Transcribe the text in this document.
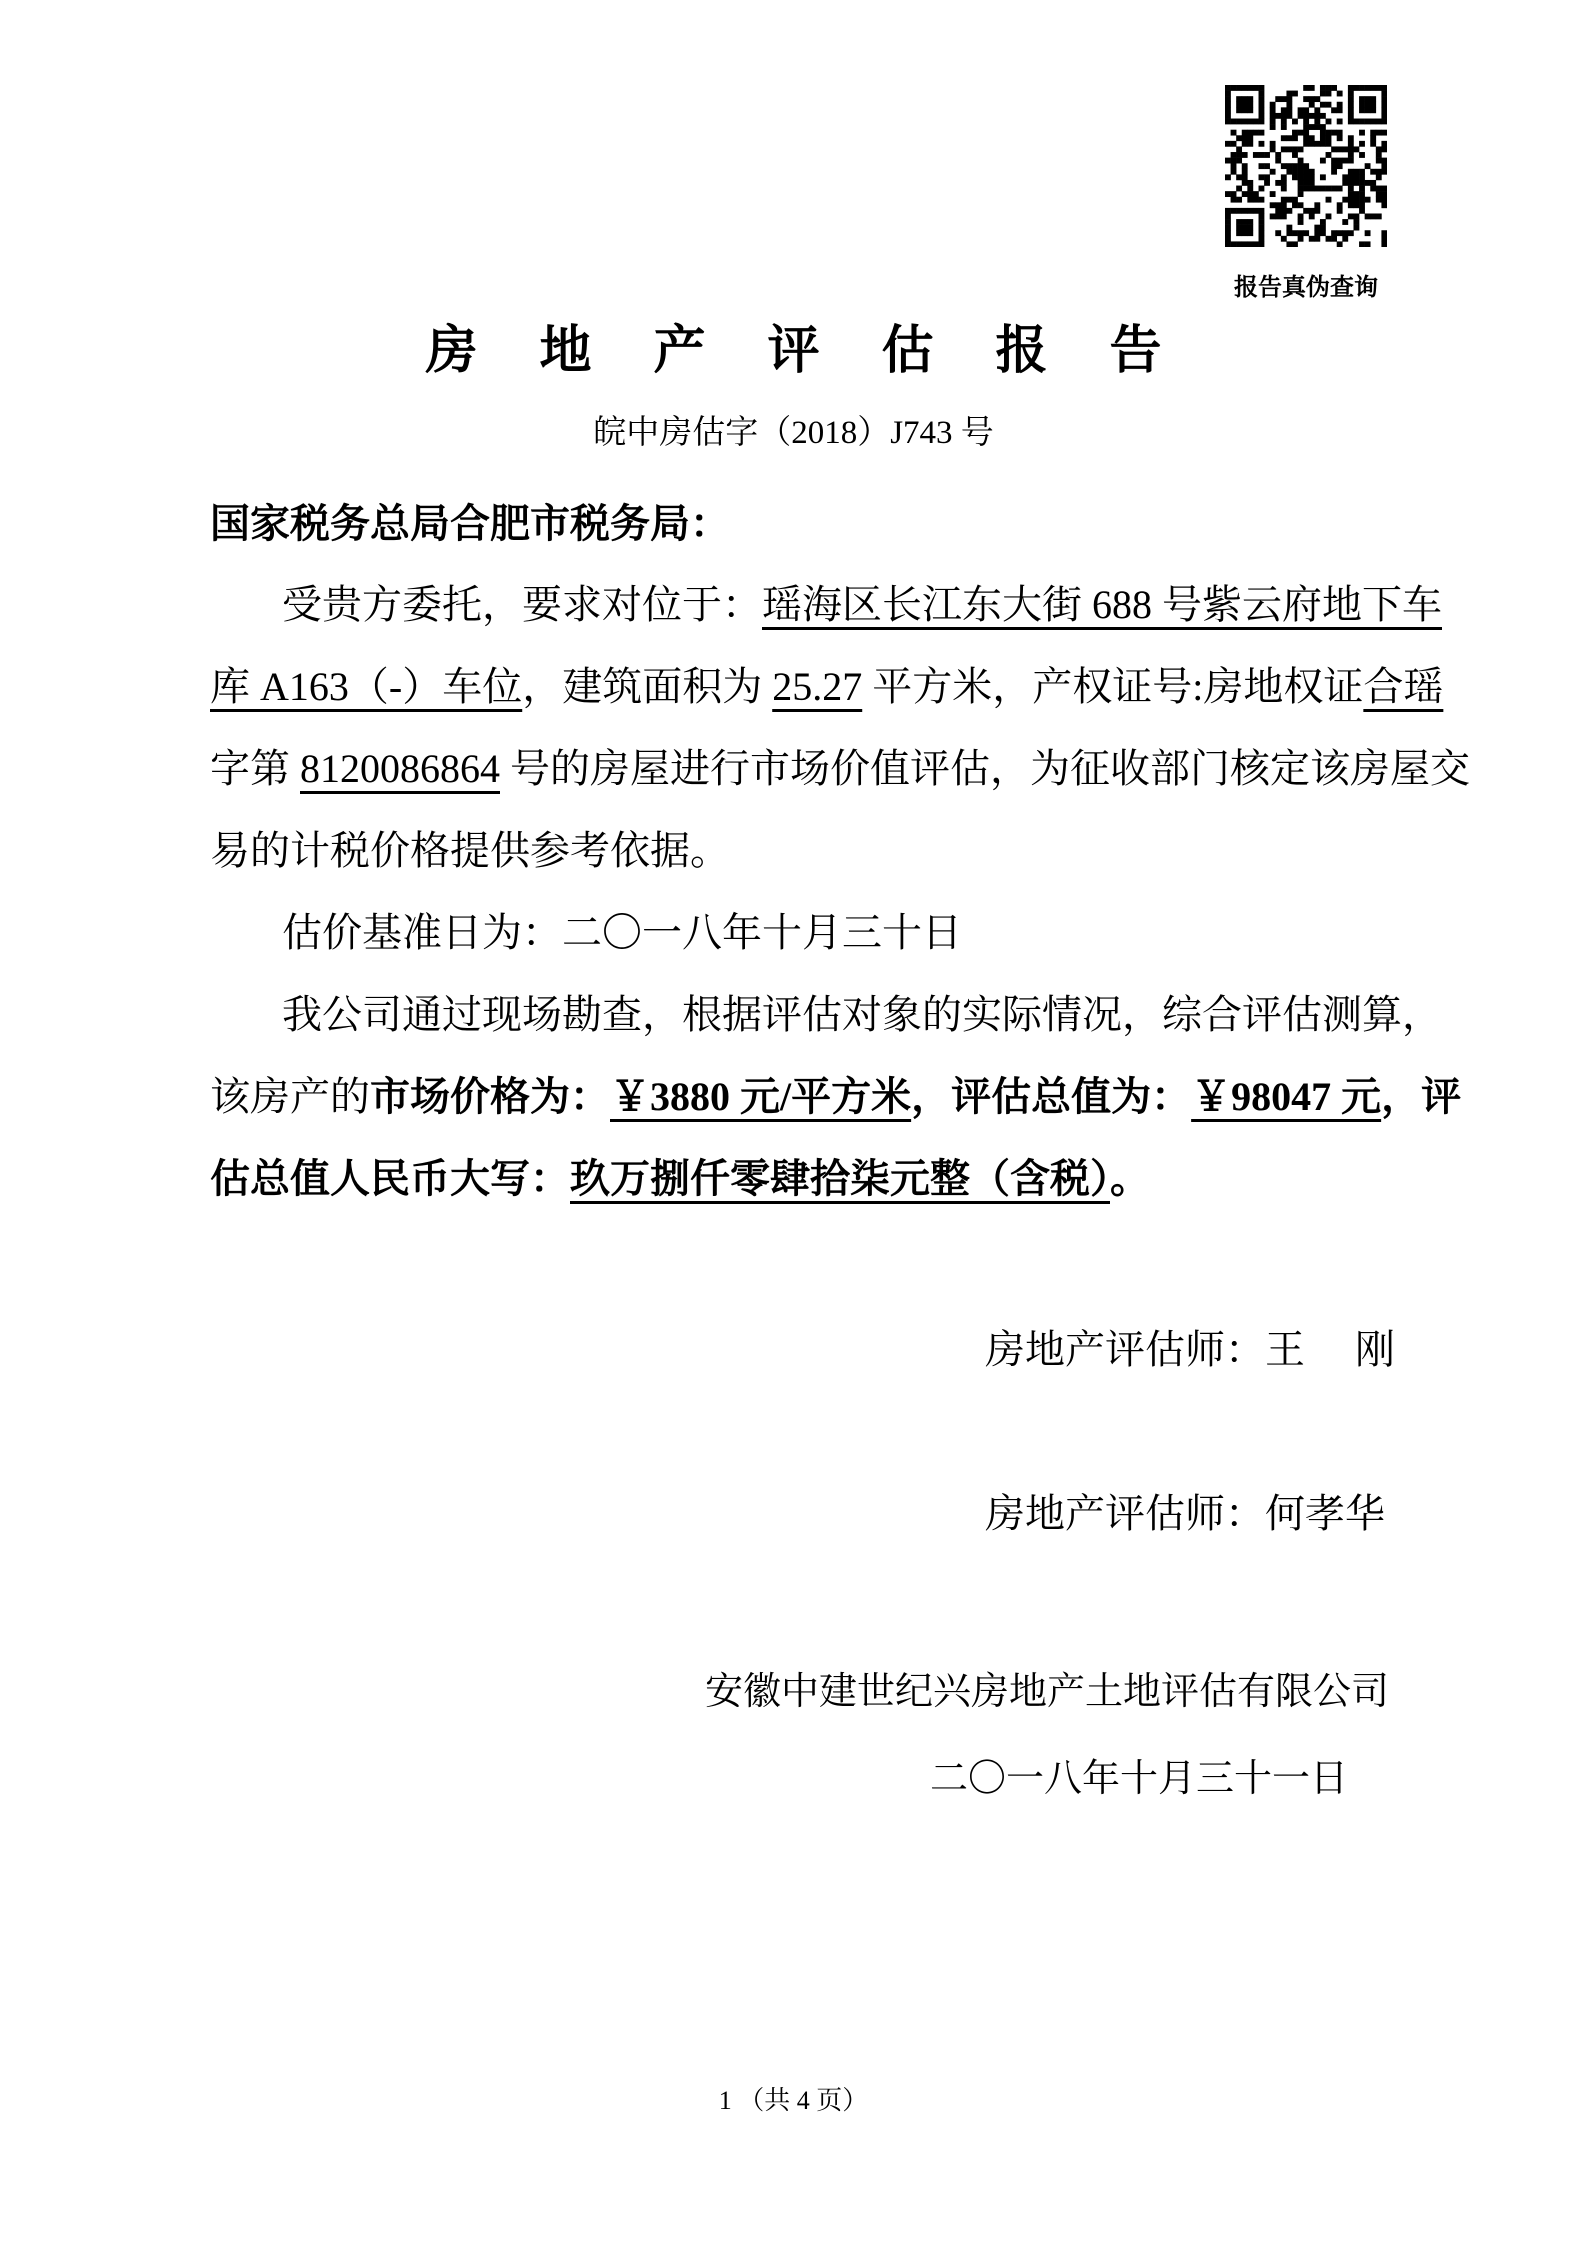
报告真伪查询
房地产评估报告
皖中房估字（2018）J743 号
国家税务总局合肥市税务局：
受贵方委托，要求对位于：瑶海区长江东大街 688 号紫云府地下车
库 A163（-）车位，建筑面积为 25.27 平方米，产权证号:房地权证合瑶
字第 8120086864 号的房屋进行市场价值评估，为征收部门核定该房屋交
易的计税价格提供参考依据。
估价基准日为：二〇一八年十月三十日
我公司通过现场勘查，根据评估对象的实际情况，综合评估测算，
该房产的市场价格为：￥3880 元/平方米，评估总值为：￥98047 元，评
估总值人民币大写：玖万捌仟零肆拾柒元整（含税）。
房地产评估师：王　 刚
房地产评估师：何孝华
安徽中建世纪兴房地产土地评估有限公司
二〇一八年十月三十一日
1 （共 4 页）
